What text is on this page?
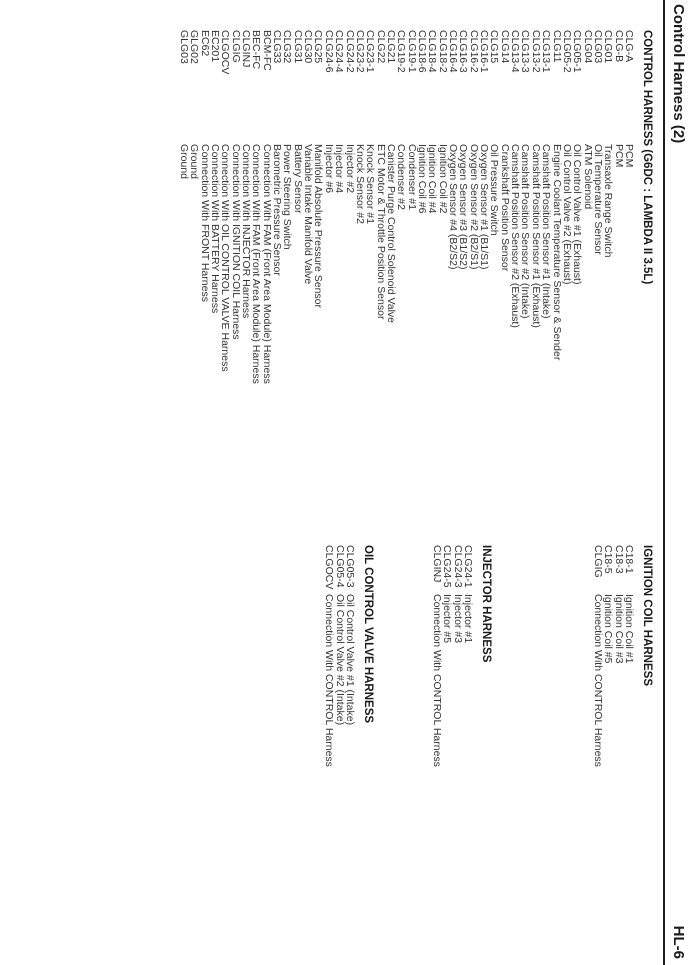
Control Harness (2)
HL-6
CONTROL HARNESS (G6DC : LAMBDA II 3.5L)
CLG-A
PCM
CLG-B
PCM
CLG01
Transaxle Range Switch
CLG03
Oil Temperature Sensor
CLG04
ATM Solenoid
CLG05-1
Oil Control Valve #1 (Exhaust)
CLG05-2
Oil Control Valve #2 (Exhaust)
CLG11
Engine Coolant Temperature Sensor & Sender
CLG13-1
Camshaft Position Sensor #1 (Intake)
CLG13-2
Camshaft Position Sensor #1 (Exhaust)
CLG13-3
Camshaft Position Sensor #2 (Intake)
CLG13-4
Camshaft Position Sensor #2 (Exhaust)
CLG14
Crankshaft Position Sensor
CLG15
Oil Pressure Switch
CLG16-1
Oxygen Sensor #1 (B1/S1)
CLG16-2
Oxygen Sensor #2 (B2/S1)
CLG16-3
Oxygen Sensor #3 (B1/S2)
CLG16-4
Oxygen Sensor #4 (B2/S2)
CLG18-2
Ignition Coil #2
CLG18-4
Ignition Coil #4
CLG18-6
Ignition Coil #6
CLG19-1
Condenser #1
CLG19-2
Condenser #2
CLG21
Canister Purge Control Solenoid Valve
CLG22
ETC Motor & Throttle Position Sensor
CLG23-1
Knock Sensor #1
CLG23-2
Knock Sensor #2
CLG24-2
Injector #2
CLG24-4
Injector #4
CLG24-6
Injector #6
CLG25
Manifold Absolute Pressure Sensor
CLG30
Variable Intake Manifold Valve
CLG31
Battery Sensor
CLG32
Power Steering Switch
CLG33
Barometric Pressure Sensor
BCM-FC
Connection With FAM (Front Area Module) Harness
BEC-FC
Connection With FAM (Front Area Module) Harness
CLGINJ
Connection With INJECTOR Harness
CLGIG
Connection With IGNITION COIL Harness
CLGOCV
Connection With OIL CONTROL VALVE Harness
EC201
Connection With BATTERY Harness
EC62
Connection With FRONT Harness
GLG02
Ground
GLG03
Ground
IGNITION COIL HARNESS
C18-1
Ignition Coil #1
C18-3
Ignition Coil #3
C18-5
Ignition Coil #5
CLGIG
Connection With CONTROL Harness
INJECTOR HARNESS
CLG24-1
Injector #1
CLG24-3
Injector #3
CLG24-5
Injector #5
CLGINJ
Connection With CONTROL Harness
OIL CONTROL VALVE HARNESS
CLG05-3
Oil Control Valve #1 (Intake)
CLG05-4
Oil Control Valve #2 (Intake)
CLGOCV
Connection With CONTROL Harness
